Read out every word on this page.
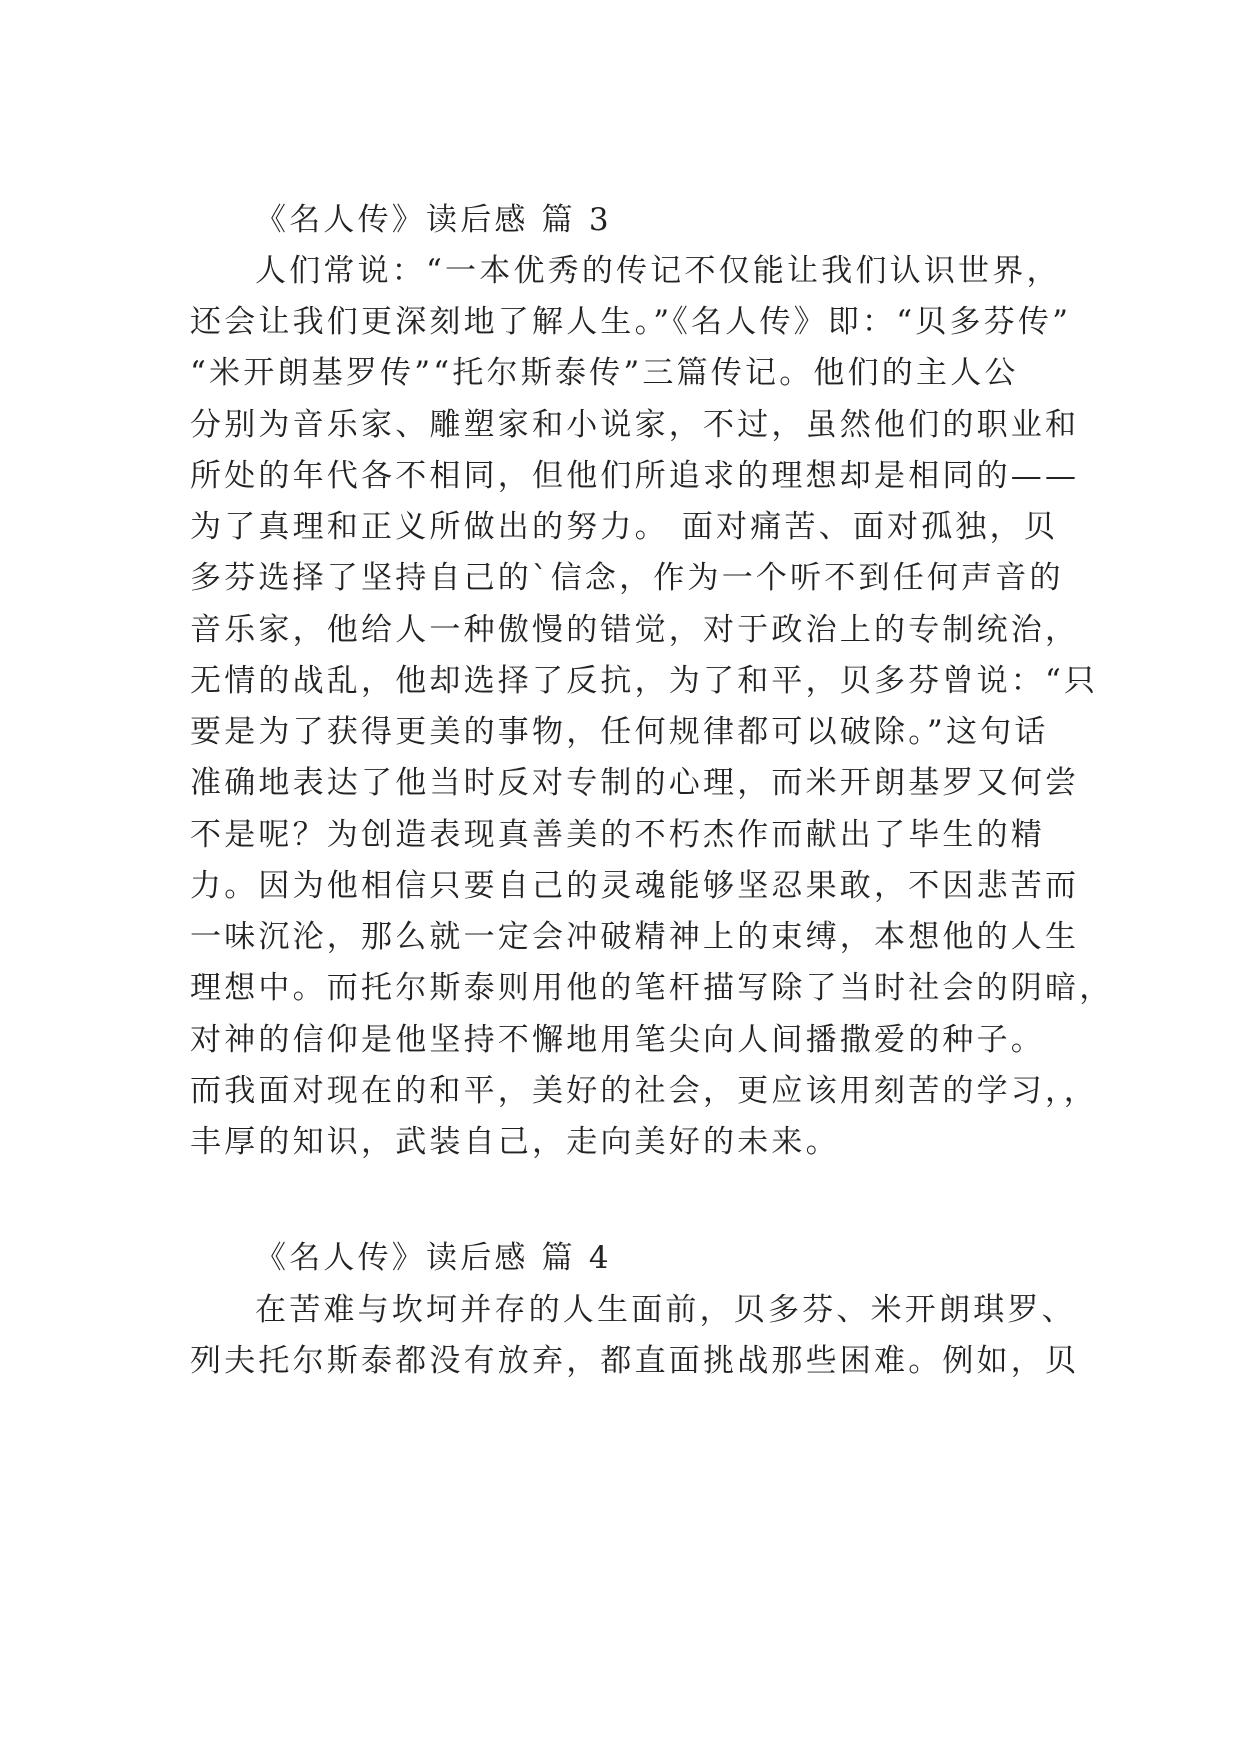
《名人传》读后感 篇 3
人们常说：“一本优秀的传记不仅能让我们认识世界，
还会让我们更深刻地了解人生。”《名人传》即：“贝多芬传”
“米开朗基罗传”“托尔斯泰传”三篇传记。他们的主人公
分别为音乐家、雕塑家和小说家，不过，虽然他们的职业和
所处的年代各不相同，但他们所追求的理想却是相同的——
为了真理和正义所做出的努力。 面对痛苦、面对孤独，贝
多芬选择了坚持自己的`信念，作为一个听不到任何声音的
音乐家，他给人一种傲慢的错觉，对于政治上的专制统治，
无情的战乱，他却选择了反抗，为了和平，贝多芬曾说：“只
要是为了获得更美的事物，任何规律都可以破除。”这句话
准确地表达了他当时反对专制的心理，而米开朗基罗又何尝
不是呢？为创造表现真善美的不朽杰作而献出了毕生的精
力。因为他相信只要自己的灵魂能够坚忍果敢，不因悲苦而
一味沉沦，那么就一定会冲破精神上的束缚，本想他的人生
理想中。而托尔斯泰则用他的笔杆描写除了当时社会的阴暗，
对神的信仰是他坚持不懈地用笔尖向人间播撒爱的种子。
而我面对现在的和平，美好的社会，更应该用刻苦的学习，，
丰厚的知识，武装自己，走向美好的未来。
《名人传》读后感 篇 4
在苦难与坎坷并存的人生面前，贝多芬、米开朗琪罗、
列夫托尔斯泰都没有放弃，都直面挑战那些困难。例如，贝
